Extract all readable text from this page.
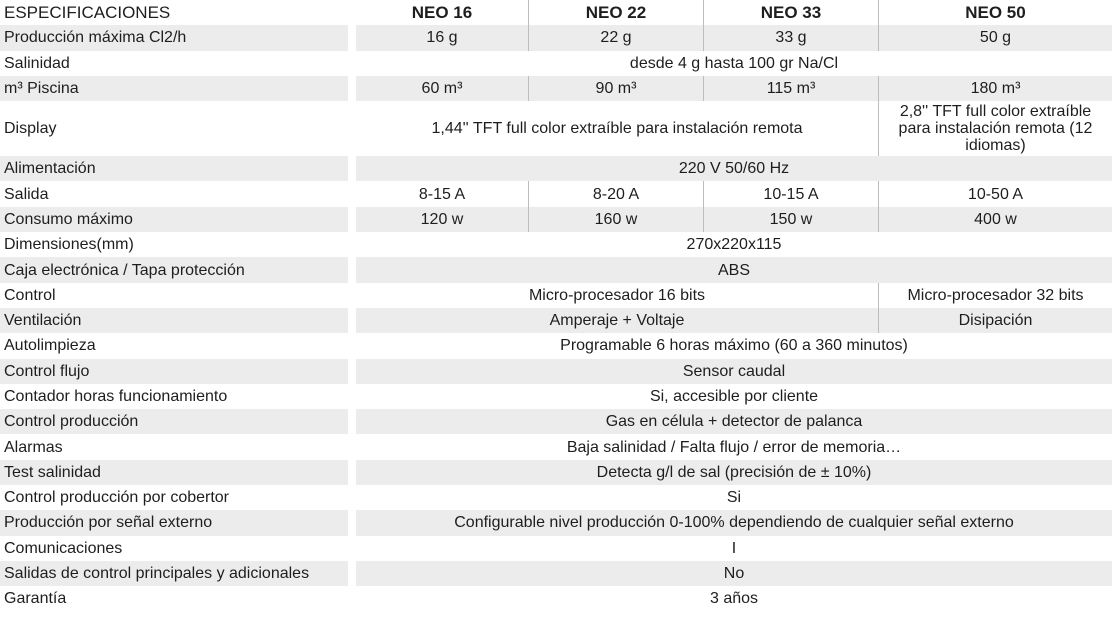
ESPECIFICACIONES	NEO 16	NEO 22	NEO 33	NEO 50
Producción máxima Cl2/h	16 g	22 g	33 g	50 g
Salinidad	desde 4 g hasta 100 gr Na/Cl			
m³ Piscina	60 m³	90 m³	115 m³	180 m³
Display	1,44'' TFT full color extraíble para instalación remota			2,8'' TFT full color extraíble para instalación remota (12 idiomas)
Alimentación	220 V 50/60 Hz			
Salida	8-15 A	8-20 A	10-15 A	10-50 A
Consumo máximo	120 w	160 w	150 w	400 w
Dimensiones(mm)	270x220x115			
Caja electrónica / Tapa protección	ABS			
Control	Micro-procesador 16 bits			Micro-procesador 32 bits
Ventilación	Amperaje + Voltaje			Disipación
Autolimpieza	Programable 6 horas máximo (60 a 360 minutos)			
Control flujo	Sensor caudal			
Contador horas funcionamiento	Si, accesible por cliente			
Control producción	Gas en célula + detector de palanca			
Alarmas	Baja salinidad / Falta flujo / error de memoria…			
Test salinidad	Detecta g/l de sal (precisión de ± 10%)			
Control producción por cobertor	Si			
Producción por señal externo	Configurable nivel producción 0-100% dependiendo de cualquier señal externo			
Comunicaciones	I			
Salidas de control principales y adicionales	No			
Garantía	3 años			
